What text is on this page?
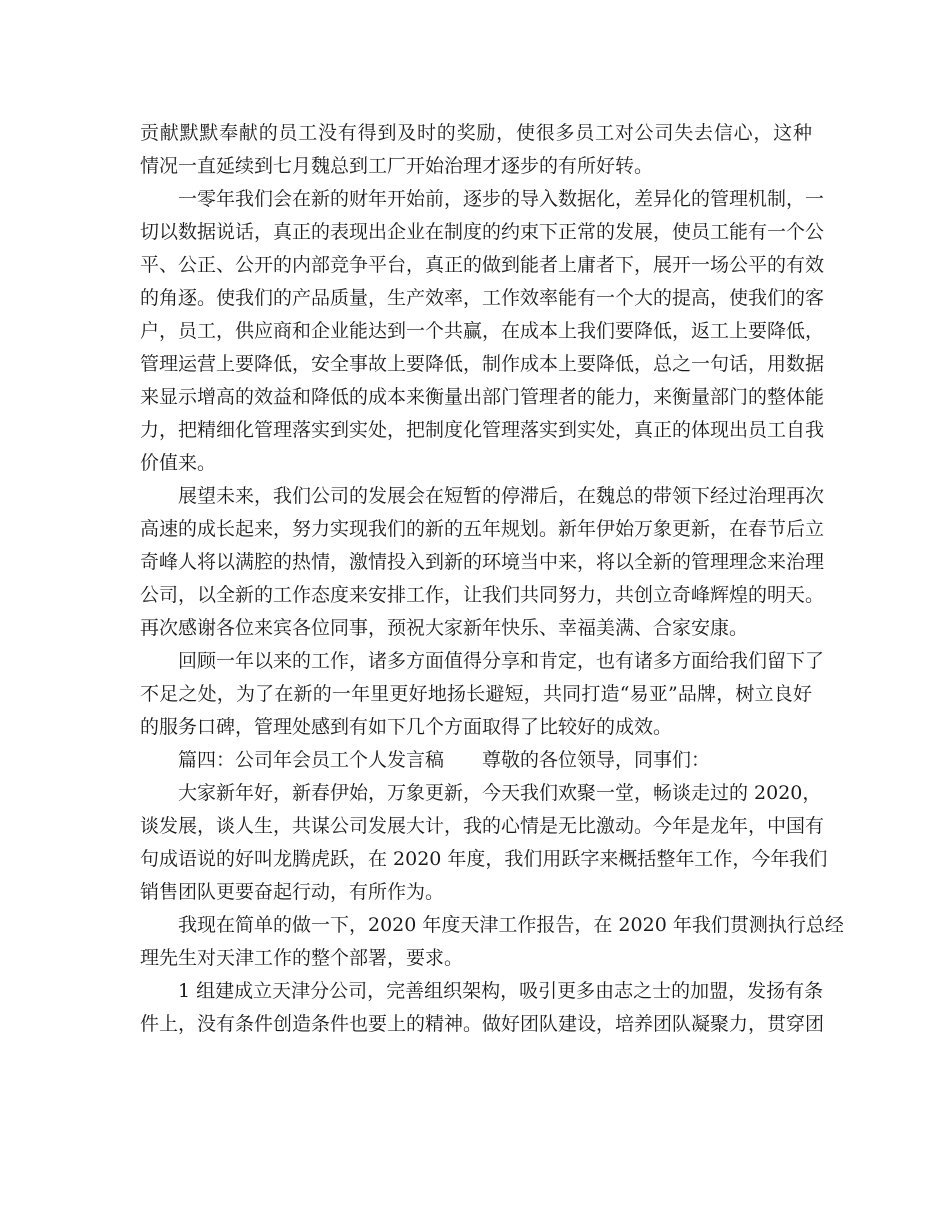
贡献默默奉献的员工没有得到及时的奖励，使很多员工对公司失去信心，这种
情况一直延续到七月魏总到工厂开始治理才逐步的有所好转。
一零年我们会在新的财年开始前，逐步的导入数据化，差异化的管理机制，一
切以数据说话，真正的表现出企业在制度的约束下正常的发展，使员工能有一个公
平、公正、公开的内部竞争平台，真正的做到能者上庸者下，展开一场公平的有效
的角逐。使我们的产品质量，生产效率，工作效率能有一个大的提高，使我们的客
户，员工，供应商和企业能达到一个共赢，在成本上我们要降低，返工上要降低，
管理运营上要降低，安全事故上要降低，制作成本上要降低，总之一句话，用数据
来显示增高的效益和降低的成本来衡量出部门管理者的能力，来衡量部门的整体能
力，把精细化管理落实到实处，把制度化管理落实到实处，真正的体现出员工自我
价值来。
展望未来，我们公司的发展会在短暂的停滞后，在魏总的带领下经过治理再次
高速的成长起来，努力实现我们的新的五年规划。新年伊始万象更新，在春节后立
奇峰人将以满腔的热情，激情投入到新的环境当中来，将以全新的管理理念来治理
公司，以全新的工作态度来安排工作，让我们共同努力，共创立奇峰辉煌的明天。
再次感谢各位来宾各位同事，预祝大家新年快乐、幸福美满、合家安康。
回顾一年以来的工作，诸多方面值得分享和肯定，也有诸多方面给我们留下了
不足之处，为了在新的一年里更好地扬长避短，共同打造“易亚”品牌，树立良好
的服务口碑，管理处感到有如下几个方面取得了比较好的成效。
篇四：公司年会员工个人发言稿 尊敬的各位领导，同事们：
大家新年好，新春伊始，万象更新，今天我们欢聚一堂，畅谈走过的 2020，
谈发展，谈人生，共谋公司发展大计，我的心情是无比激动。今年是龙年，中国有
句成语说的好叫龙腾虎跃，在 2020 年度，我们用跃字来概括整年工作，今年我们
销售团队更要奋起行动，有所作为。
我现在简单的做一下，2020 年度天津工作报告，在 2020 年我们贯测执行总经
理先生对天津工作的整个部署，要求。
1 组建成立天津分公司，完善组织架构，吸引更多由志之士的加盟，发扬有条
件上，没有条件创造条件也要上的精神。做好团队建设，培养团队凝聚力，贯穿团
